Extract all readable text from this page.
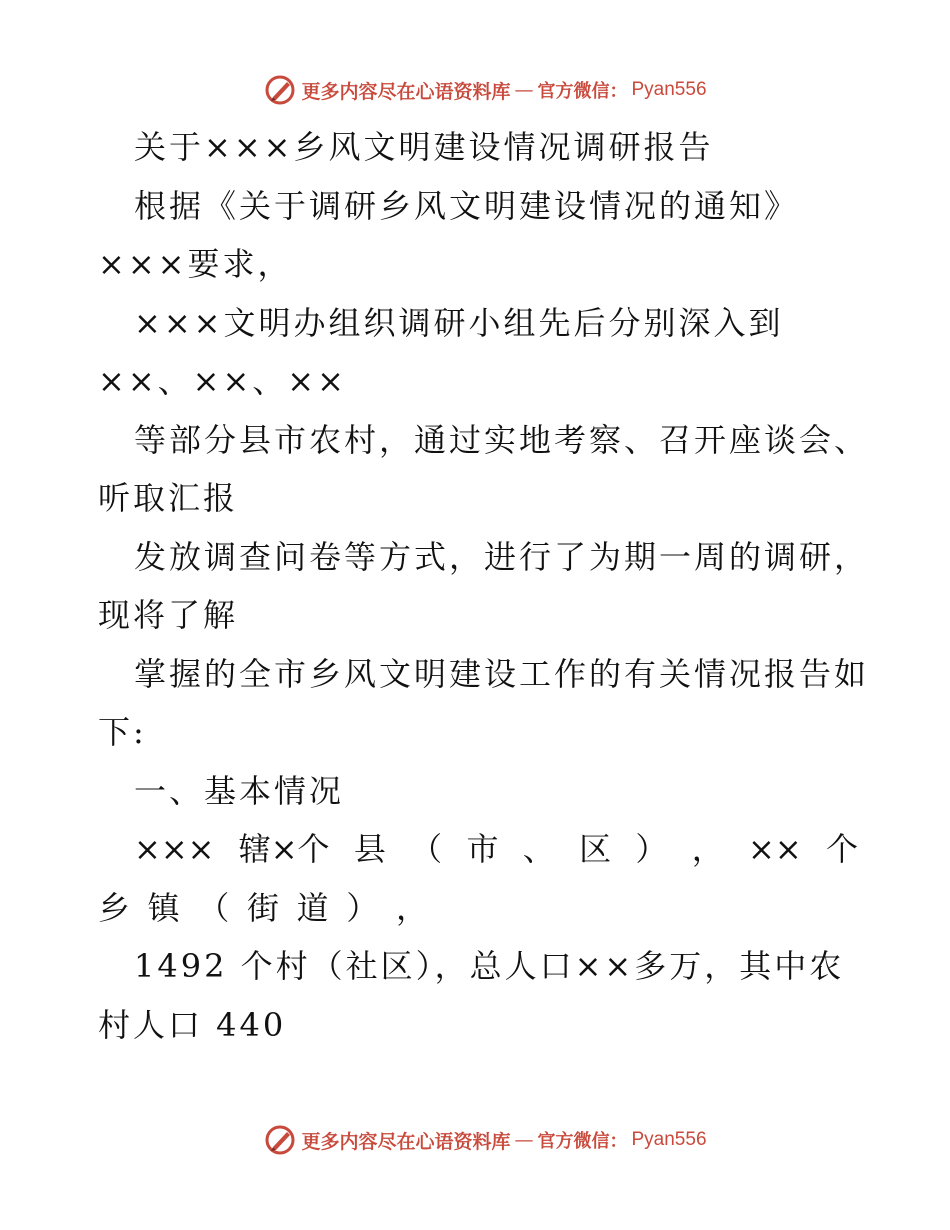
更多内容尽在心语资料库 — 官方微信： Pyan556
关于×××乡风文明建设情况调研报告
根据《关于调研乡风文明建设情况的通知》
×××要求，
×××文明办组织调研小组先后分别深入到
××、××、××
等部分县市农村，通过实地考察、召开座谈会、
听取汇报
发放调查问卷等方式，进行了为期一周的调研，
现将了解
掌握的全市乡风文明建设工作的有关情况报告如
下:
一、基本情况
××× 辖×个 县 （ 市 、 区 ） ， ×× 个
乡 镇 （ 街 道 ） ，
1492 个村（社区），总人口××多万，其中农
村人口 440
更多内容尽在心语资料库 — 官方微信： Pyan556
